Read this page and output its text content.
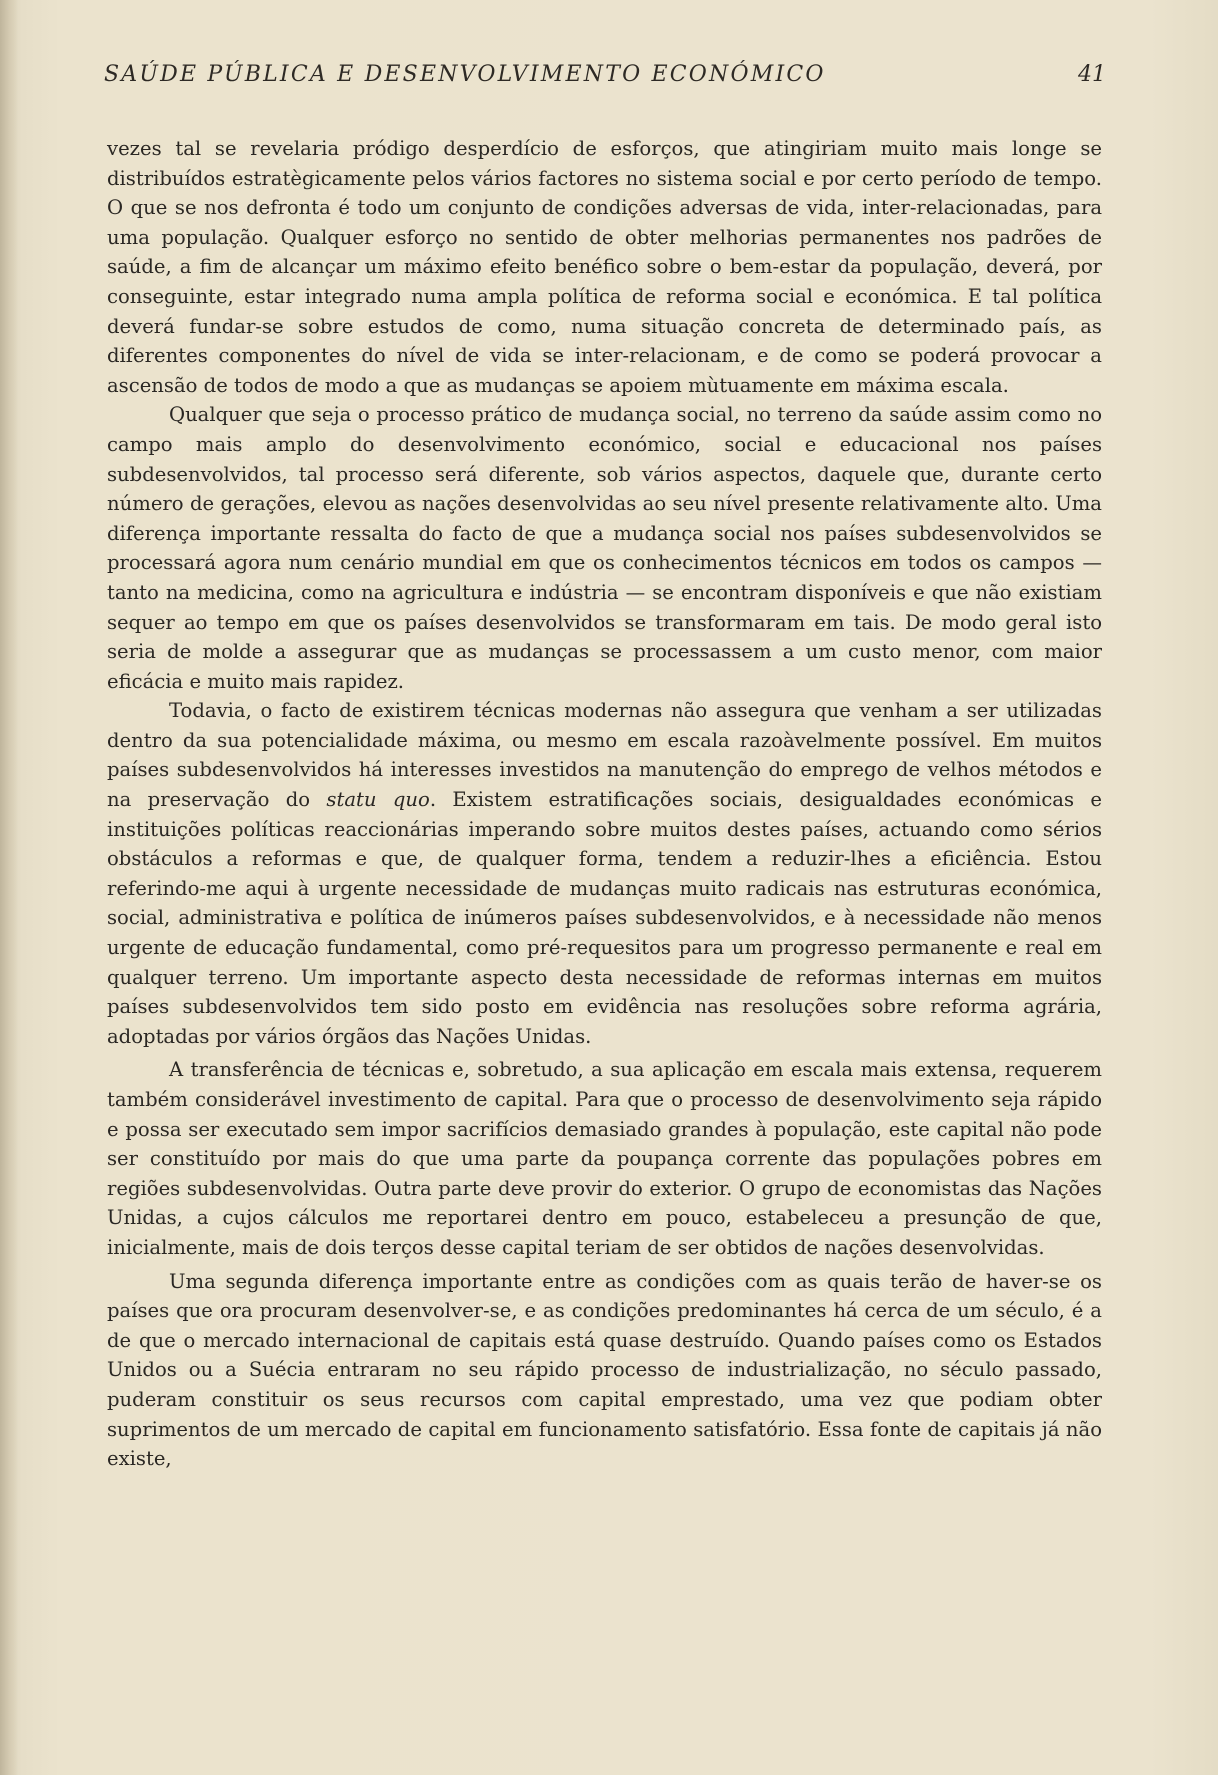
SAÚDE PÚBLICA E DESENVOLVIMENTO ECONÓMICO	41

vezes tal se revelaria pródigo desperdício de esforços, que atingiriam muito mais longe se distribuídos estratègicamente pelos vários factores no sistema social e por certo período de tempo. O que se nos defronta é todo um conjunto de condições adversas de vida, inter-relacionadas, para uma população. Qualquer esforço no sentido de obter melhorias permanentes nos padrões de saúde, a fim de alcançar um máximo efeito benéfico sobre o bem-estar da população, deverá, por conseguinte, estar integrado numa ampla política de reforma social e económica. E tal política deverá fundar-se sobre estudos de como, numa situação concreta de determinado país, as diferentes componentes do nível de vida se inter-relacionam, e de como se poderá provocar a ascensão de todos de modo a que as mudanças se apoiem mùtuamente em máxima escala.

Qualquer que seja o processo prático de mudança social, no terreno da saúde assim como no campo mais amplo do desenvolvimento económico, social e educacional nos países subdesenvolvidos, tal processo será diferente, sob vários aspectos, daquele que, durante certo número de gerações, elevou as nações desenvolvidas ao seu nível presente relativamente alto. Uma diferença importante ressalta do facto de que a mudança social nos países subdesenvolvidos se processará agora num cenário mundial em que os conhecimentos técnicos em todos os campos — tanto na medicina, como na agricultura e indústria — se encontram disponíveis e que não existiam sequer ao tempo em que os países desenvolvidos se transformaram em tais. De modo geral isto seria de molde a assegurar que as mudanças se processassem a um custo menor, com maior eficácia e muito mais rapidez.

Todavia, o facto de existirem técnicas modernas não assegura que venham a ser utilizadas dentro da sua potencialidade máxima, ou mesmo em escala razoàvelmente possível. Em muitos países subdesenvolvidos há interesses investidos na manutenção do emprego de velhos métodos e na preservação do statu quo. Existem estratificações sociais, desigualdades económicas e instituições políticas reaccionárias imperando sobre muitos destes países, actuando como sérios obstáculos a reformas e que, de qualquer forma, tendem a reduzir-lhes a eficiência. Estou referindo-me aqui à urgente necessidade de mudanças muito radicais nas estruturas económica, social, administrativa e política de inúmeros países subdesenvolvidos, e à necessidade não menos urgente de educação fundamental, como pré-requesitos para um progresso permanente e real em qualquer terreno. Um importante aspecto desta necessidade de reformas internas em muitos países subdesenvolvidos tem sido posto em evidência nas resoluções sobre reforma agrária, adoptadas por vários órgãos das Nações Unidas.

A transferência de técnicas e, sobretudo, a sua aplicação em escala mais extensa, requerem também considerável investimento de capital. Para que o processo de desenvolvimento seja rápido e possa ser executado sem impor sacrifícios demasiado grandes à população, este capital não pode ser constituído por mais do que uma parte da poupança corrente das populações pobres em regiões subdesenvolvidas. Outra parte deve provir do exterior. O grupo de economistas das Nações Unidas, a cujos cálculos me reportarei dentro em pouco, estabeleceu a presunção de que, inicialmente, mais de dois terços desse capital teriam de ser obtidos de nações desenvolvidas.

Uma segunda diferença importante entre as condições com as quais terão de haver-se os países que ora procuram desenvolver-se, e as condições predominantes há cerca de um século, é a de que o mercado internacional de capitais está quase destruído. Quando países como os Estados Unidos ou a Suécia entraram no seu rápido processo de industrialização, no século passado, puderam constituir os seus recursos com capital emprestado, uma vez que podiam obter suprimentos de um mercado de capital em funcionamento satisfatório. Essa fonte de capitais já não existe,
